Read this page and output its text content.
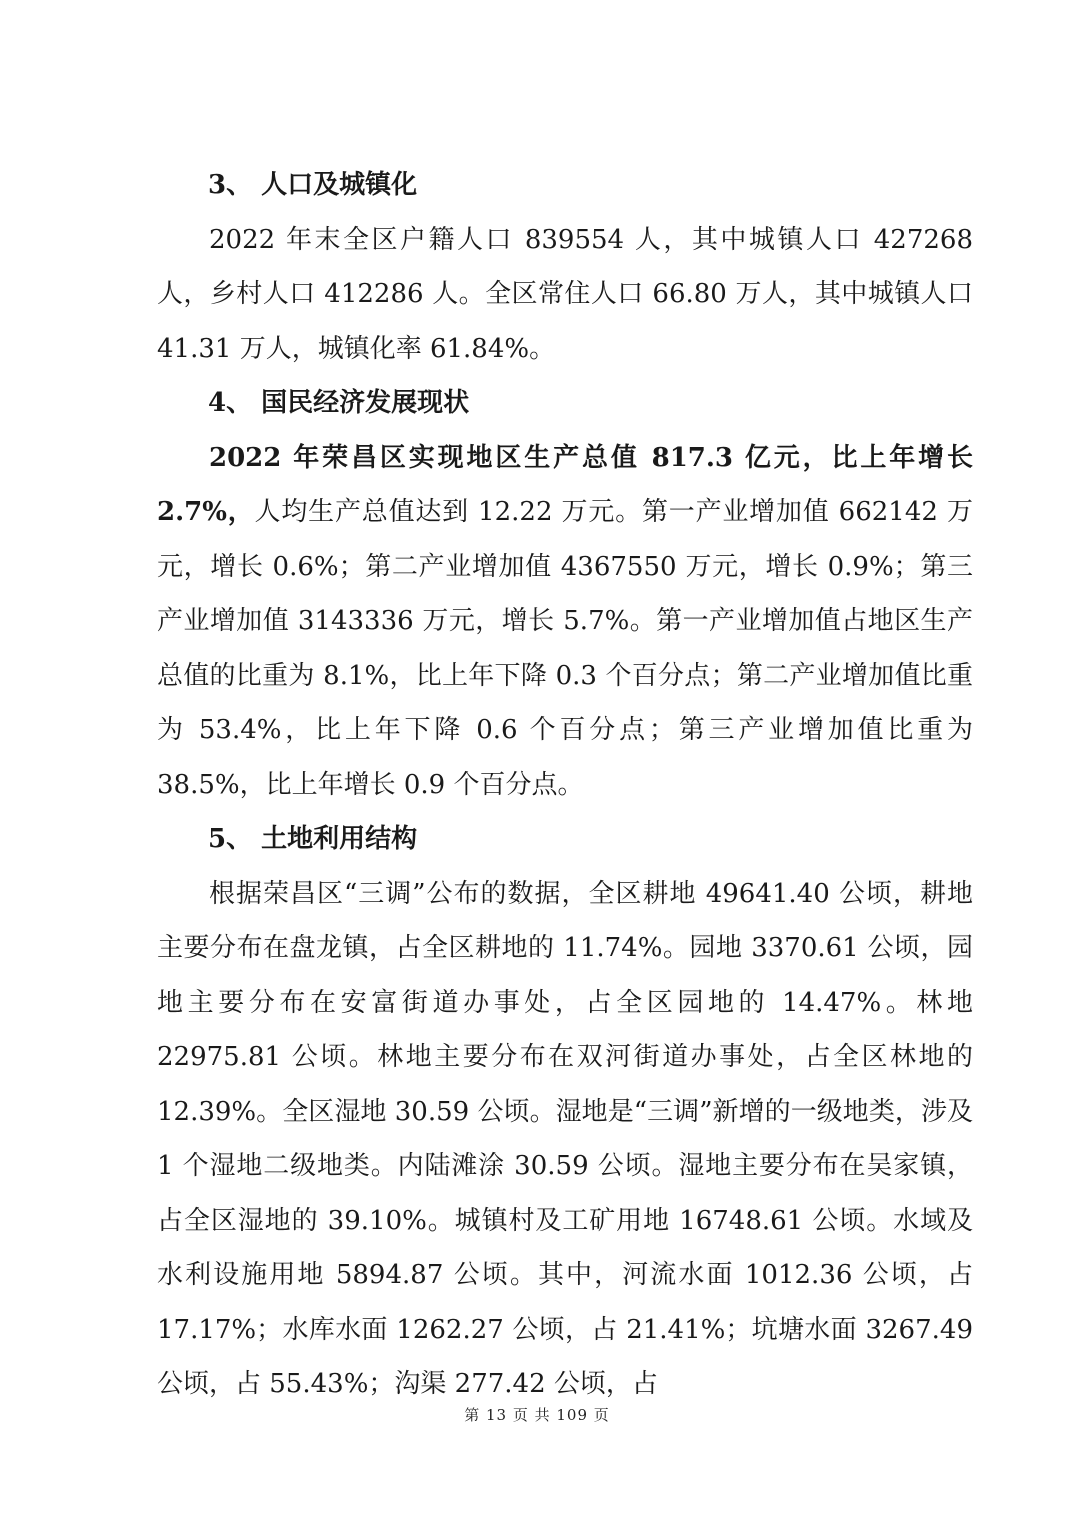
3、 人口及城镇化

2022 年末全区户籍人口 839554 人，其中城镇人口 427268 人，乡村人口 412286 人。全区常住人口 66.80 万人，其中城镇人口 41.31 万人，城镇化率 61.84%。

4、 国民经济发展现状

2022 年荣昌区实现地区生产总值 817.3 亿元，比上年增长 2.7%，人均生产总值达到 12.22 万元。第一产业增加值 662142 万元，增长 0.6%；第二产业增加值 4367550 万元，增长 0.9%；第三产业增加值 3143336 万元，增长 5.7%。第一产业增加值占地区生产总值的比重为 8.1%，比上年下降 0.3 个百分点；第二产业增加值比重为 53.4%，比上年下降 0.6 个百分点；第三产业增加值比重为 38.5%，比上年增长 0.9 个百分点。

5、 土地利用结构

根据荣昌区“三调”公布的数据，全区耕地 49641.40 公顷，耕地主要分布在盘龙镇，占全区耕地的 11.74%。园地 3370.61 公顷，园地主要分布在安富街道办事处，占全区园地的 14.47%。林地 22975.81 公顷。林地主要分布在双河街道办事处，占全区林地的 12.39%。全区湿地 30.59 公顷。湿地是“三调”新增的一级地类，涉及 1 个湿地二级地类。内陆滩涂 30.59 公顷。湿地主要分布在吴家镇，占全区湿地的 39.10%。城镇村及工矿用地 16748.61 公顷。水域及水利设施用地 5894.87 公顷。其中，河流水面 1012.36 公顷，占 17.17%；水库水面 1262.27 公顷，占 21.41%；坑塘水面 3267.49 公顷，占 55.43%；沟渠 277.42 公顷，占

第 13 页 共 109 页
